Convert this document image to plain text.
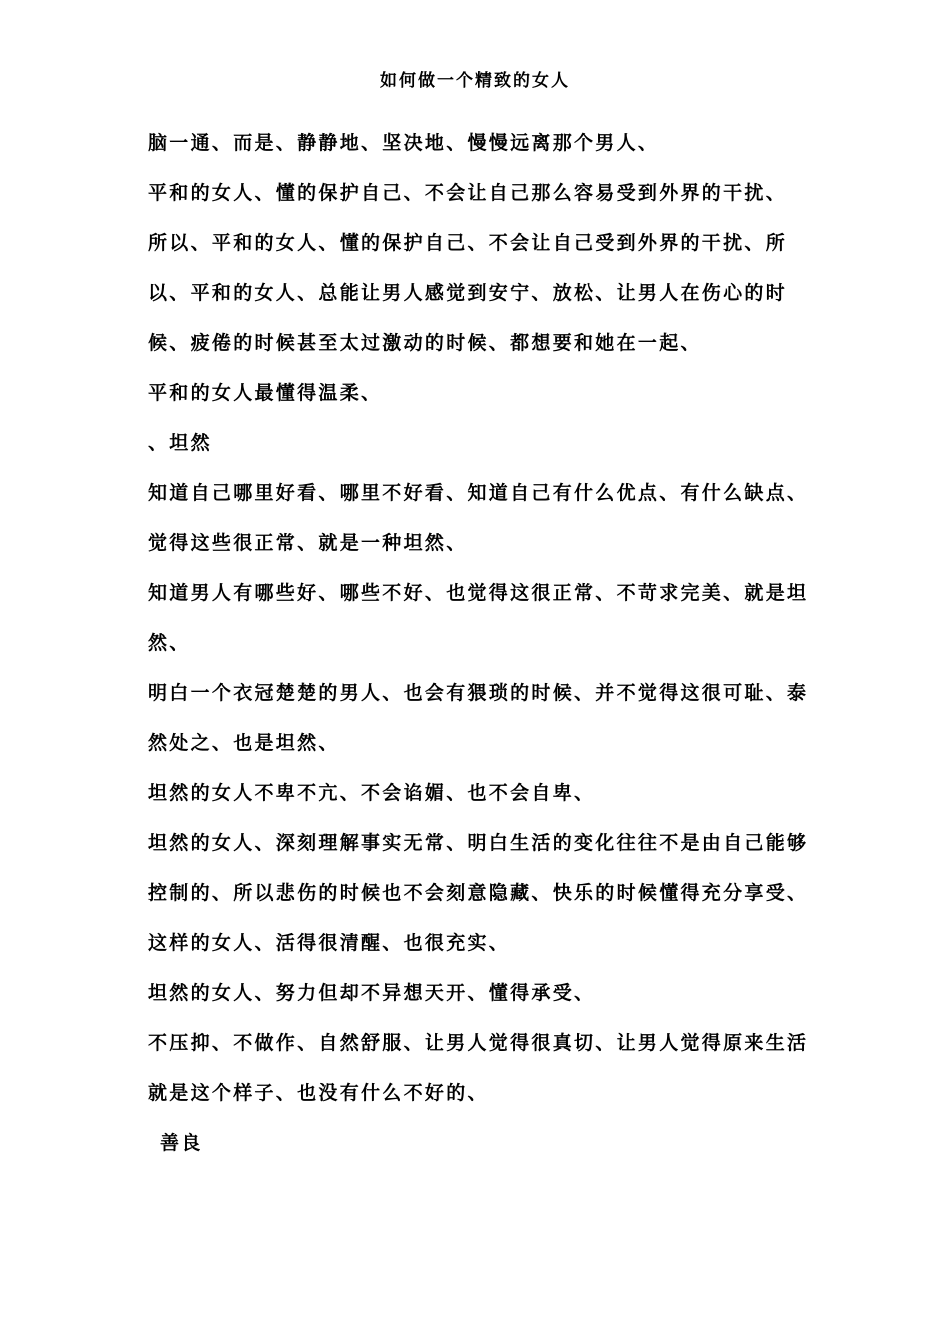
如何做一个精致的女人

脑一通、而是、静静地、坚决地、慢慢远离那个男人、

平和的女人、懂的保护自己、不会让自己那么容易受到外界的干扰、

所以、平和的女人、懂的保护自己、不会让自己受到外界的干扰、所以、平和的女人、总能让男人感觉到安宁、放松、让男人在伤心的时候、疲倦的时候甚至太过激动的时候、都想要和她在一起、

平和的女人最懂得温柔、

、坦然

知道自己哪里好看、哪里不好看、知道自己有什么优点、有什么缺点、觉得这些很正常、就是一种坦然、

知道男人有哪些好、哪些不好、也觉得这很正常、不苛求完美、就是坦然、

明白一个衣冠楚楚的男人、也会有猥琐的时候、并不觉得这很可耻、泰然处之、也是坦然、

坦然的女人不卑不亢、不会谄媚、也不会自卑、

坦然的女人、深刻理解事实无常、明白生活的变化往往不是由自己能够控制的、所以悲伤的时候也不会刻意隐藏、快乐的时候懂得充分享受、

这样的女人、活得很清醒、也很充实、

坦然的女人、努力但却不异想天开、懂得承受、

不压抑、不做作、自然舒服、让男人觉得很真切、让男人觉得原来生活就是这个样子、也没有什么不好的、

善良
